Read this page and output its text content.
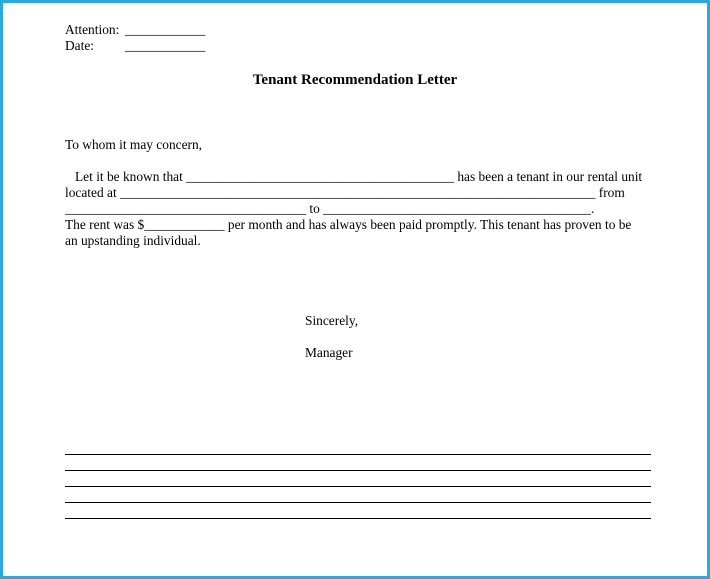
Attention: ____________
Date: ____________
Tenant Recommendation Letter
To whom it may concern,
Let it be known that ________________________________________ has been a tenant in our rental unit
located at _______________________________________________________________________ from
____________________________________ to ________________________________________.
The rent was $____________ per month and has always been paid promptly. This tenant has proven to be
an upstanding individual.
Sincerely,
Manager
